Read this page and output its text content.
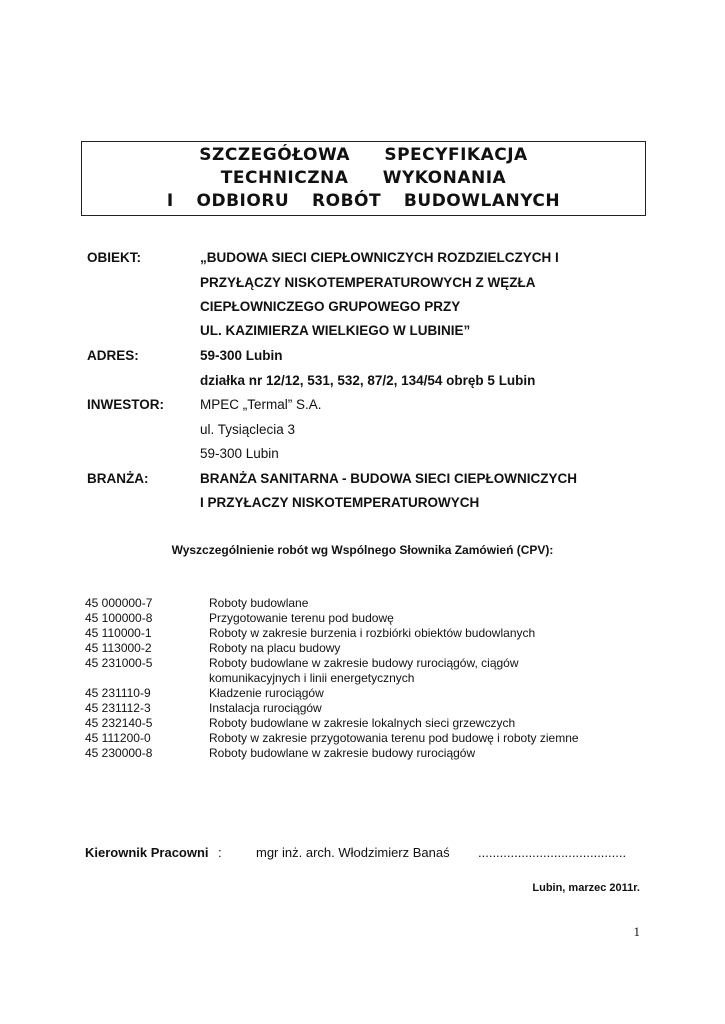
SZCZEGÓŁOWA   SPECYFIKACJA
TECHNICZNA   WYKONANIA
I  ODBIORU  ROBÓT  BUDOWLANYCH
OBIEKT:	„BUDOWA SIECI CIEPŁOWNICZYCH ROZDZIELCZYCH I
PRZYŁĄCZY NISKOTEMPERATUROWYCH Z WĘZŁA
CIEPŁOWNICZEGO GRUPOWEGO PRZY
UL. KAZIMIERZA WIELKIEGO W LUBINIE”
ADRES:	59-300 Lubin
działka nr 12/12, 531, 532, 87/2, 134/54 obręb 5 Lubin
INWESTOR:	MPEC „Termal” S.A.
ul. Tysiąclecia 3
59-300 Lubin
BRANŻA:	BRANŻA SANITARNA - BUDOWA SIECI CIEPŁOWNICZYCH
I PRZYŁACZY NISKOTEMPERATUROWYCH
Wyszczególnienie robót wg Wspólnego Słownika Zamówień (CPV):
45 000000-7	Roboty budowlane
45 100000-8	Przygotowanie terenu pod budowę
45 110000-1	Roboty w zakresie burzenia i rozbiórki obiektów budowlanych
45 113000-2	Roboty na placu budowy
45 231000-5	Roboty budowlane w zakresie budowy rurociągów, ciągów
komunikacyjnych i linii energetycznych
45 231110-9	Kładzenie rurociągów
45 231112-3	Instalacja rurociągów
45 232140-5	Roboty budowlane w zakresie lokalnych sieci grzewczych
45 111200-0	Roboty w zakresie przygotowania terenu pod budowę i roboty ziemne
45 230000-8	Roboty budowlane w zakresie budowy rurociągów
Kierownik Pracowni :	mgr inż. arch. Włodzimierz Banaś .........................................
Lubin, marzec 2011r.
1
